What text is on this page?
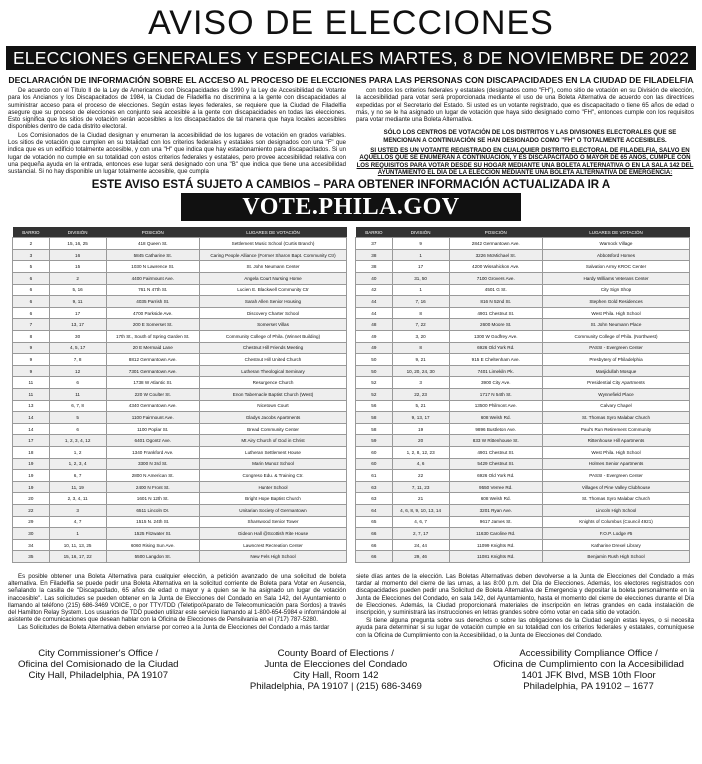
AVISO DE ELECCIONES
ELECCIONES GENERALES Y ESPECIALES MARTES, 8 DE NOVIEMBRE DE 2022
DECLARACIÓN DE INFORMACIÓN SOBRE EL ACCESO AL PROCESO DE ELECCIONES PARA LAS PERSONAS CON DISCAPACIDADES EN LA CIUDAD DE FILADELFIA

De acuerdo con el Título II de la Ley de Americanos con Discapacidades de 1990 y la Ley de Accesibilidad de Votante para los Ancianos y los Discapacitados de 1984, la Ciudad de Filadelfia no discrimina a la gente con discapacidades al suministrar acceso para el proceso de elecciones. Según estas leyes federales, se requiere que la Ciudad de Filadelfia asegure que su proceso de elecciones en conjunto sea accesible a la gente con discapacidades en todas las elecciones. Esto significa que los sitios de votación serán accesibles a los discapacitados de tal manera que haya locales accesibles disponibles dentro de cada distrito electoral.

Los Comisionados de la Ciudad designan y enumeran la accesibilidad de los lugares de votación en grados variables. Los sitios de votación que cumplen en su totalidad con los criterios federales y estatales son designados con una "F" que indica que es un edificio totalmente accesible, y con una "H" que indica que hay estacionamiento para discapacitados. Si un lugar de votación no cumple en su totalidad con estos criterios federales y estatales, pero provee accesibilidad relativa con una pequeña ayuda en la entrada, entonces ese lugar será designado con una "B" que indica que tiene una accesibilidad sustancial. Si no hay disponible un lugar totalmente accesible, que cumpla

con todos los criterios federales y estatales (designados como "FH"), como sitio de votación en su División de elección, la accesibilidad para votar será proporcionada mediante el uso de una Boleta Alternativa de acuerdo con las directrices expedidas por el Secretario del Estado. Si usted es un votante registrado, que es discapacitado o tiene 65 años de edad o más, y no se le ha asignado un lugar de votación que haya sido designado como "FH", entonces cumple con los requisitos para votar mediante una Boleta Alternativa.

SÓLO LOS CENTROS DE VOTACIÓN DE LOS DISTRITOS Y LAS DIVISIONES ELECTORALES QUE SE MENCIONAN A CONTINUACIÓN SE HAN DESIGNADO COMO "FH" O TOTALMENTE ACCESIBLES.

SI USTED ES UN VOTANTE REGISTRADO EN CUALQUIER DISTRITO ELECTORAL DE FILADELFIA, SALVO EN AQUELLOS QUE SE ENUMERAN A CONTINUACIÓN, Y ES DISCAPACITADO O MAYOR DE 65 AÑOS, CUMPLE CON LOS REQUISITOS PARA VOTAR DESDE SU HOGAR MEDIANTE UNA BOLETA ALTERNATIVA O EN LA SALA 142 DEL AYUNTAMIENTO EL DÍA DE LA ELECCIÓN MEDIANTE UNA BOLETA ALTERNATIVA DE EMERGENCIA:

ESTE AVISO ESTÁ SUJETO A CAMBIOS – PARA OBTENER INFORMACIÓN ACTUALIZADA IR A
VOTE.PHILA.GOV
BARRIO	DIVISIÓN	POSICIÓN	LUGARES DE VOTACIÓN
2	15, 16, 25	418 Queen St.	Settlement Music School (Curtis Branch)
3	16	5845 Catharine St.	Caring People Alliance (Former Sharon Bapt. Community Ctr)
5	15	1030 N Lawrence St.	St. John Neumann Center
6	2	4400 Fairmount Ave.	Angela Court Nursing Home
6	5, 16	761 N 47th St.	Lucien E. Blackwell Community Ctr
6	9, 11	4035 Parrish St.	Sarah Allen Senior Housing
6	17	4700 Parkside Ave.	Discovery Charter School
7	13, 17	200 E Somerset St.	Somerset Villas
8	30	17th St., South of Spring Garden St.	Community College of Phila. (Winnet Building)
9	4, 5, 17	20 E Mermaid Lane	Chestnut Hill Friends Meeting
9	7, 8	8812 Germantown Ave.	Chestnut Hill United Church
9	12	7301 Germantown Ave.	Lutheran Theological Seminary
11	6	1738 W Atlantic St.	Resurgence Church
11	11	220 W Coulter St.	Enon Tabernacle Baptist Church (West)
13	6, 7, 8	4340 Germantown Ave.	Nicetown Court
14	5	1100 Fairmount Ave.	Gladys Jacobs Apartments
14	6	1100 Poplar St.	Bread Community Center
17	1, 2, 3, 4, 12	6401 Ogontz Ave.	Mt Airy Church of God in Christ
18	1, 2	1340 Frankford Ave.	Lutheran Settlement House
19	1, 2, 3, 4	3300 N 3rd St.	Marin Munoz School
19	6, 7	2800 N American St.	Congreso Edu. & Training Ctr.
19	11, 19	2400 N Front St.	Hunter School
20	2, 3, 4, 11	1601 N 12th St.	Bright Hope Baptist Church
22	3	6511 Lincoln Dr.	Unitarian Society of Germantown
29	4, 7	1515 N. 24th St.	Sharswood Senior Tower
30	1	1525 Fitzwater St.	Gideon Hall @Scottish Rite House
34	10, 11, 13, 25	6060 Rising Sun Ave.	Lawncrest Recreation Center
35	15, 16, 17, 22	5500 Langdon St.	New Fels High School
BARRIO	DIVISIÓN	POSICIÓN	LUGARES DE VOTACIÓN
37	9	2842 Germantown Ave.	Warnock Village
38	1	3226 McMichael St.	Abbotsford Homes
38	17	4200 Wissahickon Ave.	Salvation Army KROC Center
40	31, 50	7100 Grovers Ave.	Hardy Williams Veterans Center
42	1	4501 G St.	City Sign Shop
44	7, 16	816 N 52nd St.	Stephen Gold Residences
44	8	4901 Chestnut St.	West Phila. High School
48	7, 22	2600 Moore St.	St. John Neumann Place
49	3, 20	1300 W Godfrey Ave.	Community College of Phila. (Northwest)
49	8	6926 Old York Rd.	PASSI - Evergreen Center
50	9, 21	915 E Cheltenham Ave.	Presbytery of Philadelphia
50	10, 20, 24, 30	7401 Limekiln Pk.	Masjidullah Mosque
52	3	3900 City Ave.	Presidential City Apartments
52	22, 23	1717 N 54th St.	Wynnefield Place
56	5, 21	13500 Philmont Ave.	Calvary Chapel
58	9, 13, 17	608 Welsh Rd.	St. Thomas Syro Malabar Church
58	19	9896 Bustleton Ave.	Paul's Run Retirement Community
59	20	833 W Rittenhouse St.	Rittenhouse Hill Apartments
60	1, 2, 8, 12, 23	4901 Chestnut St.	West Phila. High School
60	4, 6	5429 Chestnut St.	Holmes Senior Apartments
61	22	6926 Old York Rd.	PASSI - Evergreen Center
63	7, 11, 23	9550 Verree Rd.	Villages of Pine Valley Clubhouse
63	21	608 Welsh Rd.	St. Thomas Syro Malabar Church
64	4, 6, 8, 9, 10, 13, 14	3201 Ryan Ave.	Lincoln High School
65	4, 6, 7	9617 James St.	Knights of Columbus (Council 4921)
66	2, 7, 17	11630 Caroline Rd.	F.O.P. Lodge #5
66	24, 44	11099 Knights Rd.	Katharine Drexel Library
66	29, 46	11081 Knights Rd.	Benjamin Rush High School

Es posible obtener una Boleta Alternativa para cualquier elección, a petición avanzado de una solicitud de boleta alternativa. En Filadelfia se puede pedir una Boleta Alternativa en la solicitud corriente de Boleta para Votar en Ausencia, señalando la casilla de "Discapacitado, 65 años de edad o mayor y a quien se le ha asignado un lugar de votación inaccesible". Las solicitudes se pueden obtener en la Junta de Elecciones del Condado en Sala 142, del Ayuntamiento o llamando al teléfono (215) 686-3469 VOICE, o por TTY/TDD (Teletipo/Aparato de Telecomunicación para Sordos) a través del Hamilton Relay System. Los usuarios de TDD pueden utilizar este servicio llamando al 1-800-654-5984 e informándole al asistente de comunicaciones que desean hablar con la Oficina de Elecciones de Pensilvania en el (717) 787-5280.

Las Solicitudes de Boleta Alternativa deben enviarse por correo a la Junta de Elecciones del Condado a más tardar

siete días antes de la elección. Las Boletas Alternativas deben devolverse a la Junta de Elecciones del Condado a más tardar al momento del cierre de las urnas, a las 8:00 p.m. del Día de Elecciones. Además, los electores registrados con discapacidades pueden pedir una Solicitud de Boleta Alternativa de Emergencia y depositar la boleta personalmente en la Junta de Elecciones del Condado, en sala 142, del Ayuntamiento, hasta el momento del cierre de elecciones durante el Día de Elecciones. Además, la Ciudad proporcionará materiales de inscripción en letras grandes en cada instalación de inscripción, y suministrará las instrucciones en letras grandes sobre cómo votar en cada sitio de votación.

Si tiene alguna pregunta sobre sus derechos o sobre las obligaciones de la Ciudad según estas leyes, o si necesita ayuda para determinar si su lugar de votación cumple en su totalidad con los criterios federales y estatales, comuníquese con la Oficina de Cumplimiento con la Accesibilidad, o la Junta de Elecciones del Condado.

City Commissioner's Office /
Oficina del Comisionado de la Ciudad
City Hall, Philadelphia, PA 19107
County Board of Elections /
Junta de Elecciones del Condado
City Hall, Room 142
Philadelphia, PA 19107 | (215) 686-3469
Accessibility Compliance Office /
Oficina de Cumplimiento con la Accesibilidad
1401 JFK Blvd, MSB 10th Floor
Philadelphia, PA 19102 – 1677
